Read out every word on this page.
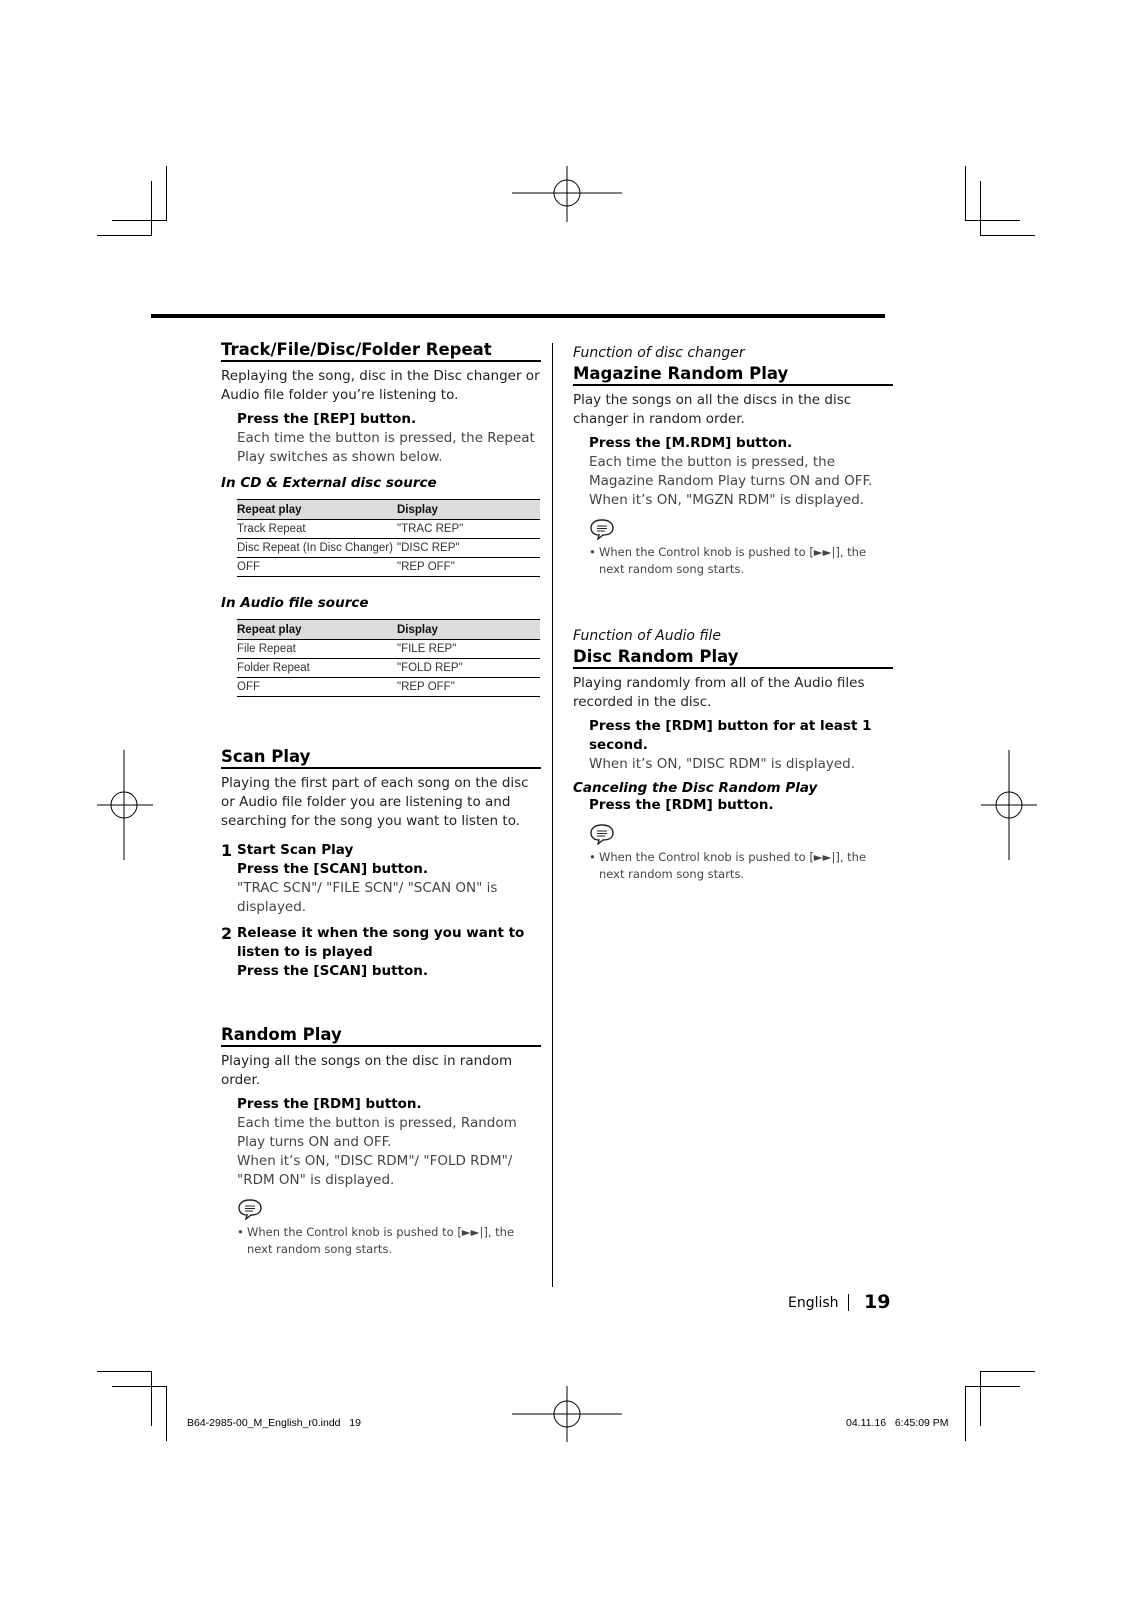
Track/File/Disc/Folder Repeat

Replaying the song, disc in the Disc changer or Audio file folder you’re listening to.

Press the [REP] button.

Each time the button is pressed, the Repeat Play switches as shown below.

In CD & External disc source

Repeat play	Display
Track Repeat	"TRAC REP"
Disc Repeat (In Disc Changer)	"DISC REP"
OFF	"REP OFF"

In Audio file source

Repeat play	Display
File Repeat	"FILE REP"
Folder Repeat	"FOLD REP"
OFF	"REP OFF"
Scan Play

Playing the first part of each song on the disc or Audio file folder you are listening to and searching for the song you want to listen to.

1 Start Scan Play

Press the [SCAN] button.

"TRAC SCN"/ "FILE SCN"/ "SCAN ON" is displayed.

2 Release it when the song you want to listen to is played

Press the [SCAN] button.

Random Play

Playing all the songs on the disc in random order.

Press the [RDM] button.

Each time the button is pressed, Random Play turns ON and OFF.

When it’s ON, "DISC RDM"/ "FOLD RDM"/ "RDM ON" is displayed.

• When the Control knob is pushed to [►►|], the next random song starts.

Function of disc changer

Magazine Random Play

Play the songs on all the discs in the disc changer in random order.

Press the [M.RDM] button.

Each time the button is pressed, the Magazine Random Play turns ON and OFF.

When it’s ON, "MGZN RDM" is displayed.

• When the Control knob is pushed to [►►|], the next random song starts.

Function of Audio file

Disc Random Play

Playing randomly from all of the Audio files recorded in the disc.

Press the [RDM] button for at least 1 second.

When it’s ON, "DISC RDM" is displayed.

Canceling the Disc Random Play

Press the [RDM] button.

• When the Control knob is pushed to [►►|], the next random song starts.

English 19
B64-2985-00_M_English_r0.indd   19	04.11.16   6:45:09 PM
